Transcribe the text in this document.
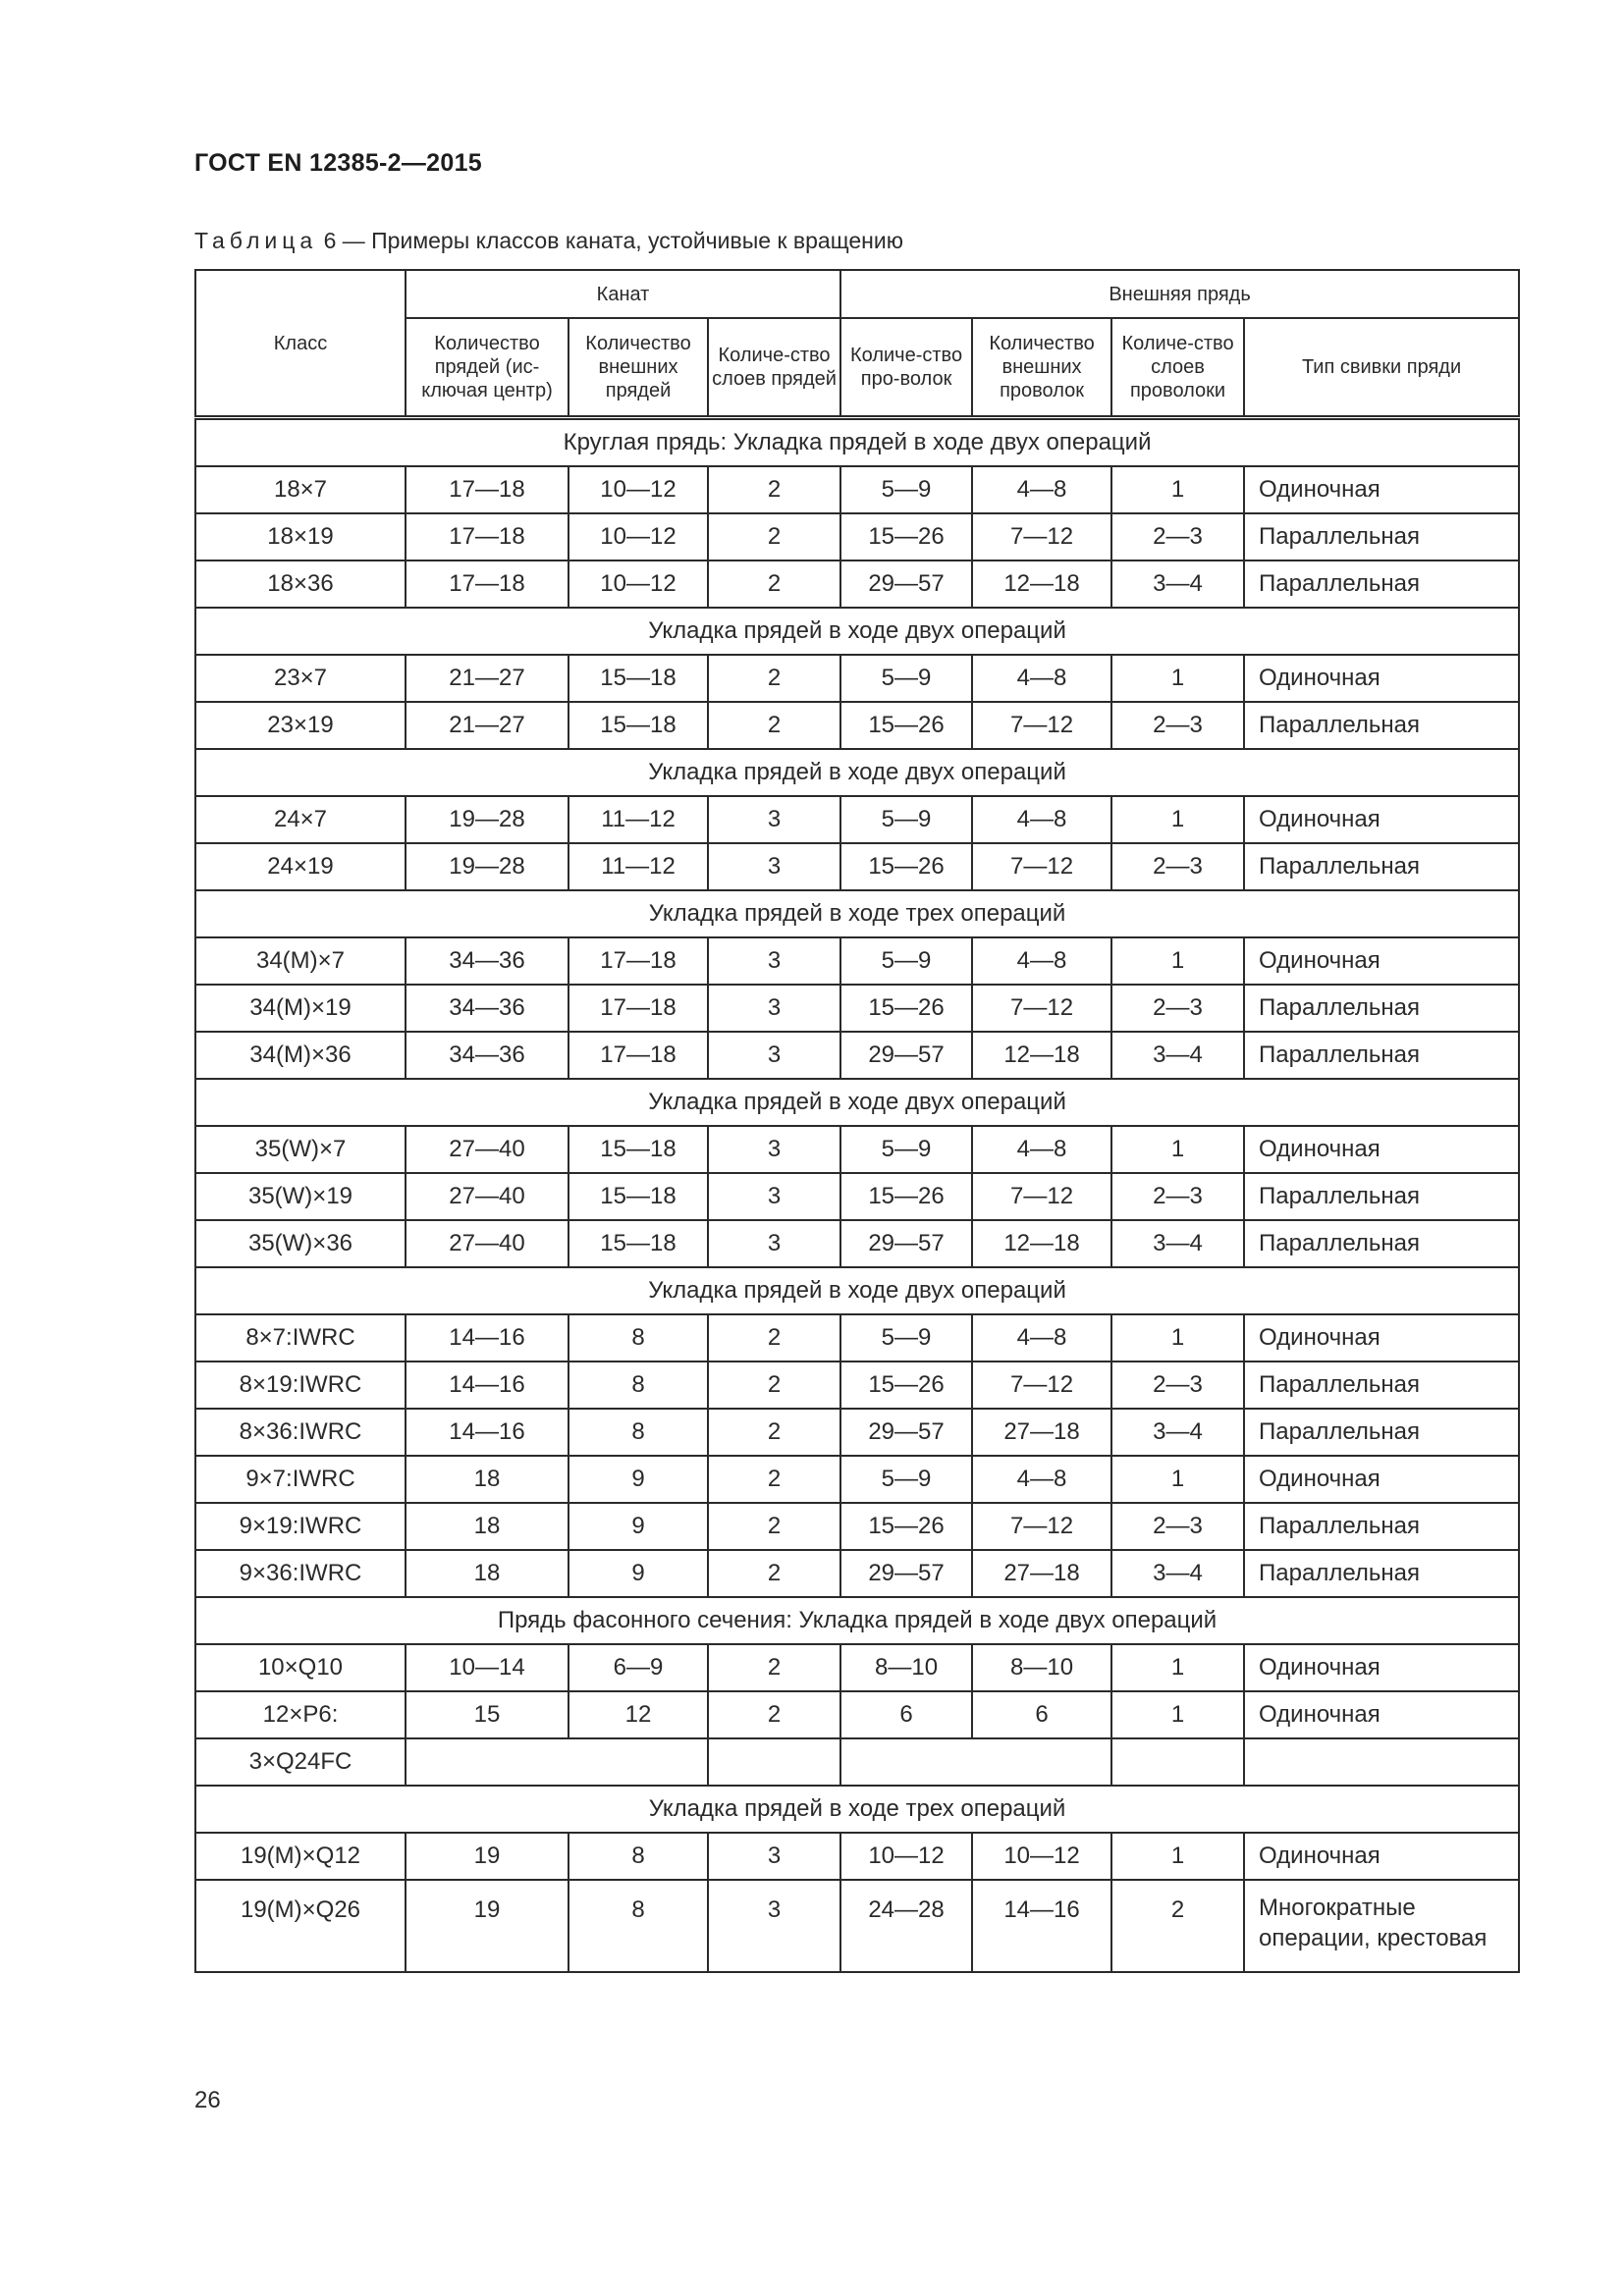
ГОСТ EN 12385-2—2015
Таблица 6 — Примеры классов каната, устойчивые к вращению
Класс	Канат			Внешняя прядь			
	Количество прядей (ис-ключая центр)	Количество внешних прядей	Количе-ство слоев прядей	Количе-ство про-волок	Количество внешних проволок	Количе-ство слоев проволоки	Тип свивки пряди
Круглая прядь: Укладка прядей в ходе двух операций							
18×7	17—18	10—12	2	5—9	4—8	1	Одиночная
18×19	17—18	10—12	2	15—26	7—12	2—3	Параллельная
18×36	17—18	10—12	2	29—57	12—18	3—4	Параллельная
Укладка прядей в ходе двух операций							
23×7	21—27	15—18	2	5—9	4—8	1	Одиночная
23×19	21—27	15—18	2	15—26	7—12	2—3	Параллельная
Укладка прядей в ходе двух операций							
24×7	19—28	11—12	3	5—9	4—8	1	Одиночная
24×19	19—28	11—12	3	15—26	7—12	2—3	Параллельная
Укладка прядей в ходе трех операций							
34(M)×7	34—36	17—18	3	5—9	4—8	1	Одиночная
34(M)×19	34—36	17—18	3	15—26	7—12	2—3	Параллельная
34(M)×36	34—36	17—18	3	29—57	12—18	3—4	Параллельная
Укладка прядей в ходе двух операций							
35(W)×7	27—40	15—18	3	5—9	4—8	1	Одиночная
35(W)×19	27—40	15—18	3	15—26	7—12	2—3	Параллельная
35(W)×36	27—40	15—18	3	29—57	12—18	3—4	Параллельная
Укладка прядей в ходе двух операций							
8×7:IWRC	14—16	8	2	5—9	4—8	1	Одиночная
8×19:IWRC	14—16	8	2	15—26	7—12	2—3	Параллельная
8×36:IWRC	14—16	8	2	29—57	27—18	3—4	Параллельная
9×7:IWRC	18	9	2	5—9	4—8	1	Одиночная
9×19:IWRC	18	9	2	15—26	7—12	2—3	Параллельная
9×36:IWRC	18	9	2	29—57	27—18	3—4	Параллельная
Прядь фасонного сечения: Укладка прядей в ходе двух операций							
10×Q10	10—14	6—9	2	8—10	8—10	1	Одиночная
12×P6:	15	12	2	6	6	1	Одиночная
3×Q24FC							
Укладка прядей в ходе трех операций							
19(M)×Q12	19	8	3	10—12	10—12	1	Одиночная
19(M)×Q26	19	8	3	24—28	14—16	2	Многократные операции, крестовая
26
